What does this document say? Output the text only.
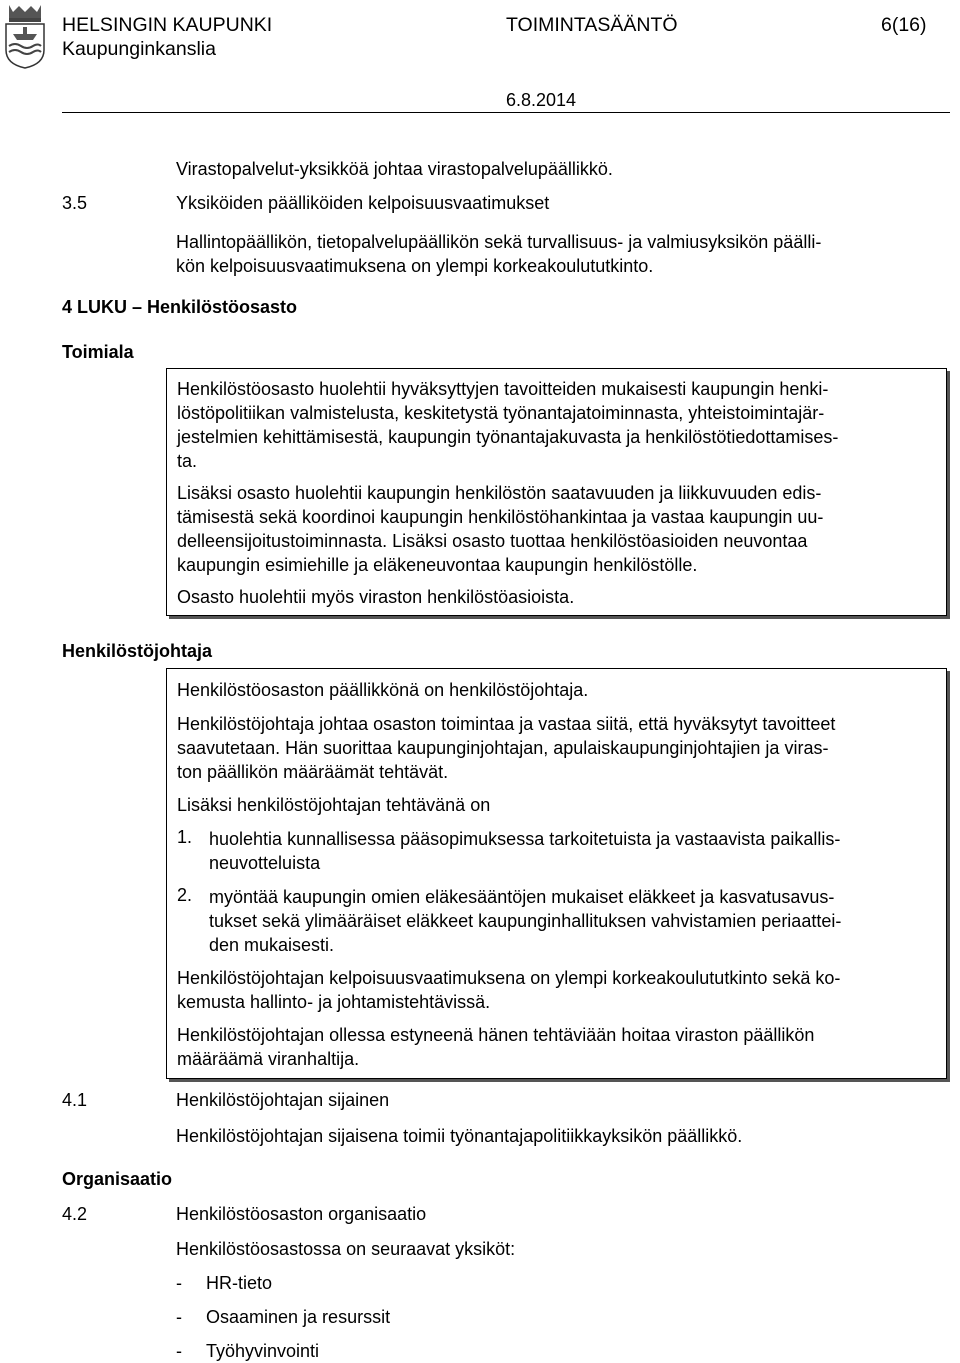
HELSINGIN KAUPUNKI
Kaupunginkanslia
TOIMINTASÄÄNTÖ	6(16)
6.8.2014
Virastopalvelut-yksikköä johtaa virastopalvelupäällikkö.
3.5	Yksiköiden päälliköiden kelpoisuusvaatimukset
Hallintopäällikön, tietopalvelupäällikön sekä turvallisuus- ja valmiusyksikön päälli-
kön kelpoisuusvaatimuksena on ylempi korkeakoulututkinto.
4 LUKU – Henkilöstöosasto
Toimiala

Henkilöstöosasto huolehtii hyväksyttyjen tavoitteiden mukaisesti kaupungin henki-

löstöpolitiikan valmistelusta, keskitetystä työnantajatoiminnasta, yhteistoimintajär-

jestelmien kehittämisestä, kaupungin työnantajakuvasta ja henkilöstötiedottamises-

ta.

Lisäksi osasto huolehtii kaupungin henkilöstön saatavuuden ja liikkuvuuden edis-

tämisestä sekä koordinoi kaupungin henkilöstöhankintaa ja vastaa kaupungin uu-

delleensijoitustoiminnasta. Lisäksi osasto tuottaa henkilöstöasioiden neuvontaa

kaupungin esimiehille ja eläkeneuvontaa kaupungin henkilöstölle.

Osasto huolehtii myös viraston henkilöstöasioista.

Henkilöstöjohtaja

Henkilöstöosaston päällikkönä on henkilöstöjohtaja.

Henkilöstöjohtaja johtaa osaston toimintaa ja vastaa siitä, että hyväksytyt tavoitteet

saavutetaan. Hän suorittaa kaupunginjohtajan, apulaiskaupunginjohtajien ja viras-

ton päällikön määräämät tehtävät.

Lisäksi henkilöstöjohtajan tehtävänä on

1. huolehtia kunnallisessa pääsopimuksessa tarkoitetuista ja vastaavista paikallis-

neuvotteluista

2. myöntää kaupungin omien eläkesääntöjen mukaiset eläkkeet ja kasvatusavus-

tukset sekä ylimääräiset eläkkeet kaupunginhallituksen vahvistamien periaattei-

den mukaisesti.

Henkilöstöjohtajan kelpoisuusvaatimuksena on ylempi korkeakoulututkinto sekä ko-

kemusta hallinto- ja johtamistehtävissä.

Henkilöstöjohtajan ollessa estyneenä hänen tehtäviään hoitaa viraston päällikön

määräämä viranhaltija.

4.1	Henkilöstöjohtajan sijainen
Henkilöstöjohtajan sijaisena toimii työnantajapolitiikkayksikön päällikkö.
Organisaatio
4.2	Henkilöstöosaston organisaatio
Henkilöstöosastossa on seuraavat yksiköt:
- HR-tieto
- Osaaminen ja resurssit
- Työhyvinvointi
